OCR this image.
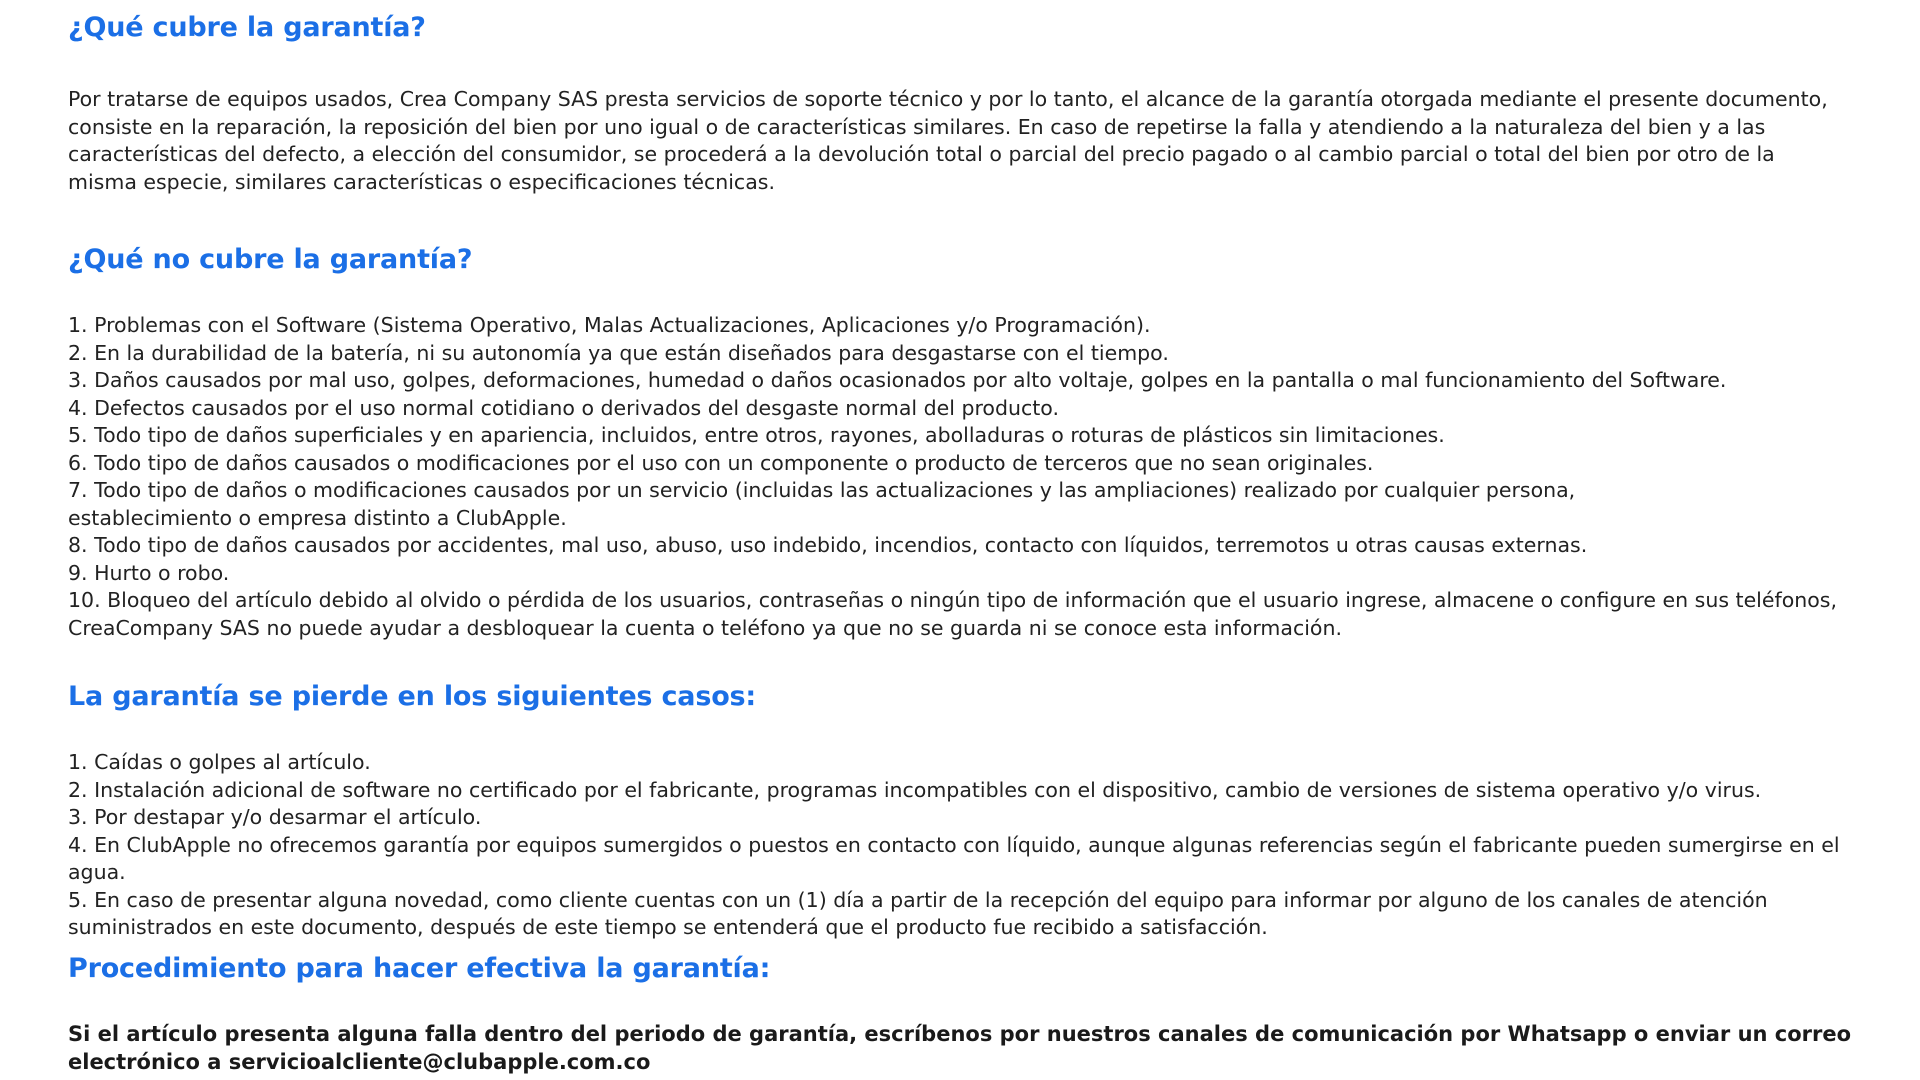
¿Qué cubre la garantía?

Por tratarse de equipos usados, Crea Company SAS presta servicios de soporte técnico y por lo tanto, el alcance de la garantía otorgada mediante el presente documento, consiste en la reparación, la reposición del bien por uno igual o de características similares. En caso de repetirse la falla y atendiendo a la naturaleza del bien y a las características del defecto, a elección del consumidor, se procederá a la devolución total o parcial del precio pagado o al cambio parcial o total del bien por otro de la misma especie, similares características o especificaciones técnicas.

¿Qué no cubre la garantía?
1. Problemas con el Software (Sistema Operativo, Malas Actualizaciones, Aplicaciones y/o Programación).
2. En la durabilidad de la batería, ni su autonomía ya que están diseñados para desgastarse con el tiempo.
3. Daños causados por mal uso, golpes, deformaciones, humedad o daños ocasionados por alto voltaje, golpes en la pantalla o mal funcionamiento del Software.
4. Defectos causados por el uso normal cotidiano o derivados del desgaste normal del producto.
5. Todo tipo de daños superficiales y en apariencia, incluidos, entre otros, rayones, abolladuras o roturas de plásticos sin limitaciones.
6. Todo tipo de daños causados o modificaciones por el uso con un componente o producto de terceros que no sean originales.
7. Todo tipo de daños o modificaciones causados por un servicio (incluidas las actualizaciones y las ampliaciones) realizado por cualquier persona,
establecimiento o empresa distinto a ClubApple.
8. Todo tipo de daños causados por accidentes, mal uso, abuso, uso indebido, incendios, contacto con líquidos, terremotos u otras causas externas.
9. Hurto o robo.
10. Bloqueo del artículo debido al olvido o pérdida de los usuarios, contraseñas o ningún tipo de información que el usuario ingrese, almacene o configure en sus teléfonos,
CreaCompany SAS no puede ayudar a desbloquear la cuenta o teléfono ya que no se guarda ni se conoce esta información.
La garantía se pierde en los siguientes casos:
1. Caídas o golpes al artículo.
2. Instalación adicional de software no certificado por el fabricante, programas incompatibles con el dispositivo, cambio de versiones de sistema operativo y/o virus.
3. Por destapar y/o desarmar el artículo.
4. En ClubApple no ofrecemos garantía por equipos sumergidos o puestos en contacto con líquido, aunque algunas referencias según el fabricante pueden sumergirse en el agua.
5. En caso de presentar alguna novedad, como cliente cuentas con un (1) día a partir de la recepción del equipo para informar por alguno de los canales de atención suministrados en este documento, después de este tiempo se entenderá que el producto fue recibido a satisfacción.
Procedimiento para hacer efectiva la garantía:

Si el artículo presenta alguna falla dentro del periodo de garantía, escríbenos por nuestros canales de comunicación por Whatsapp o enviar un correo electrónico a servicioalcliente@clubapple.com.co
